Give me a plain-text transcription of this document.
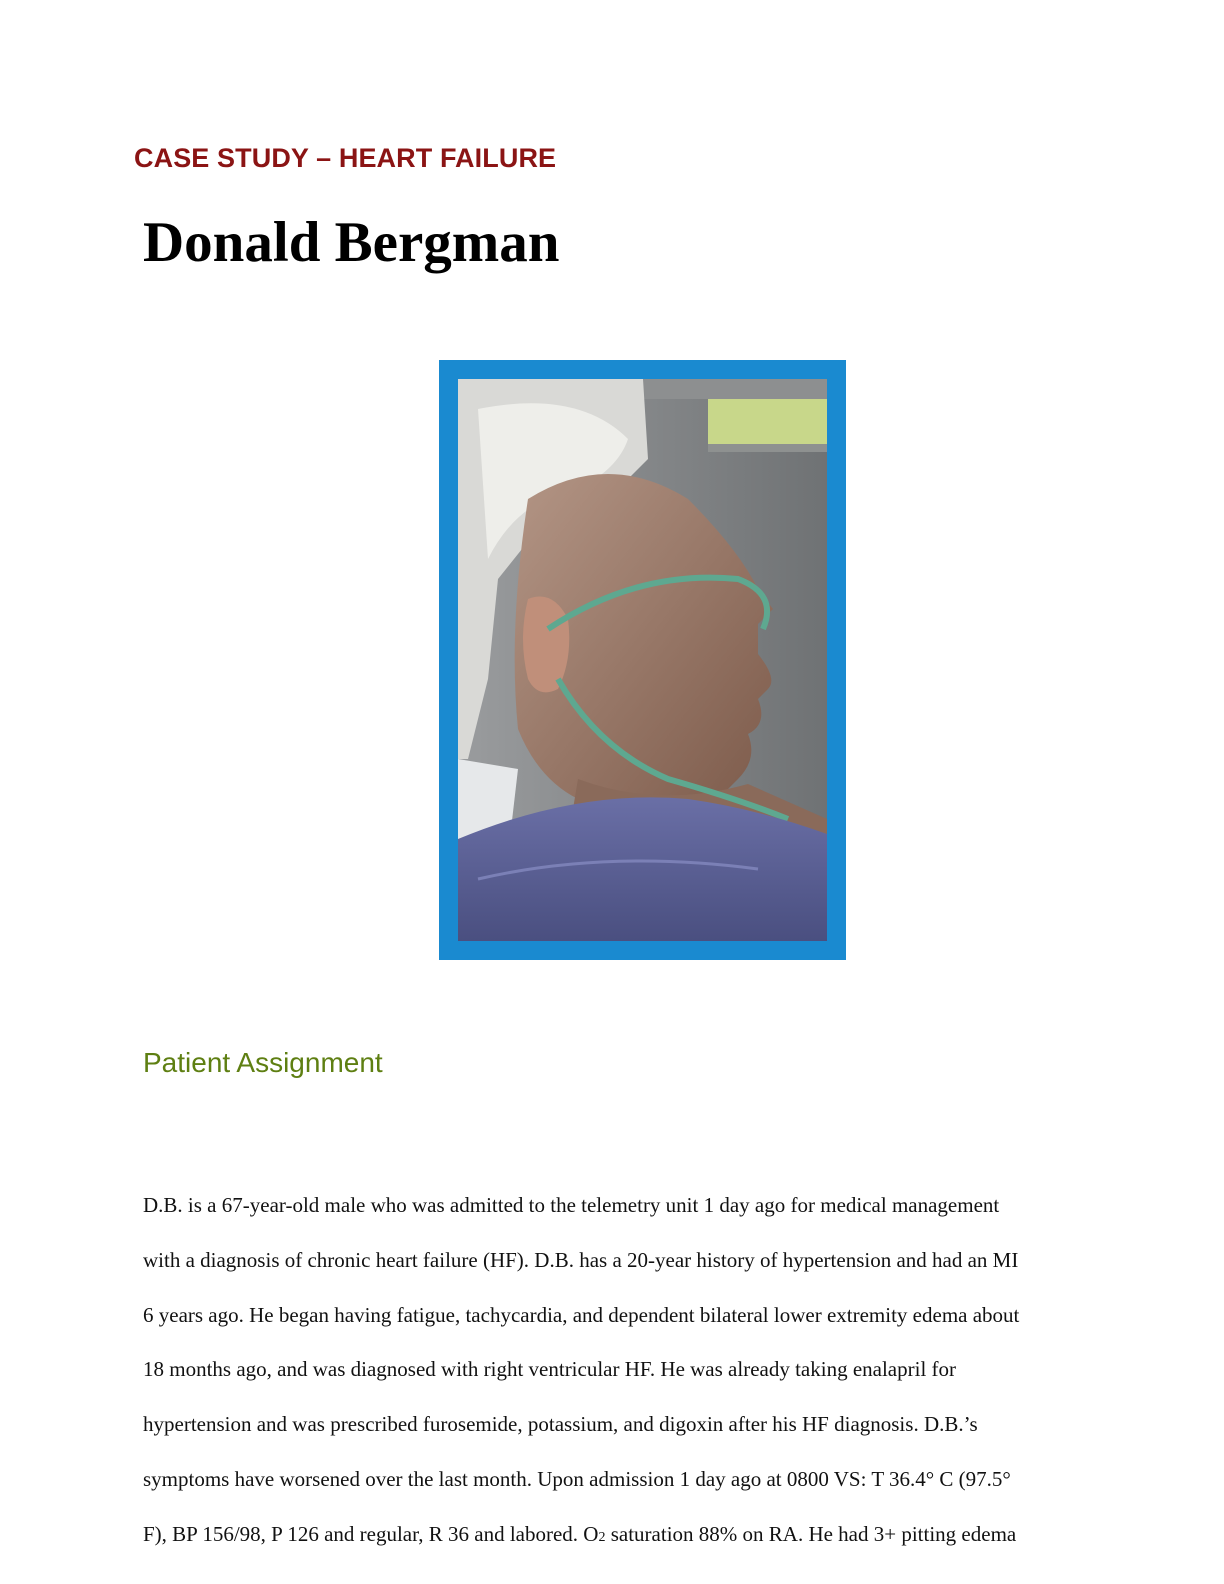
CASE STUDY – HEART FAILURE
Donald Bergman
Patient Assignment
D.B. is a 67-year-old male who was admitted to the telemetry unit 1 day ago for medical management
with a diagnosis of chronic heart failure (HF). D.B. has a 20-year history of hypertension and had an MI
6 years ago. He began having fatigue, tachycardia, and dependent bilateral lower extremity edema about
18 months ago, and was diagnosed with right ventricular HF. He was already taking enalapril for
hypertension and was prescribed furosemide, potassium, and digoxin after his HF diagnosis. D.B.’s
symptoms have worsened over the last month. Upon admission 1 day ago at 0800 VS: T 36.4° C (97.5°
F), BP 156/98, P 126 and regular, R 36 and labored. O2 saturation 88% on RA. He had 3+ pitting edema
